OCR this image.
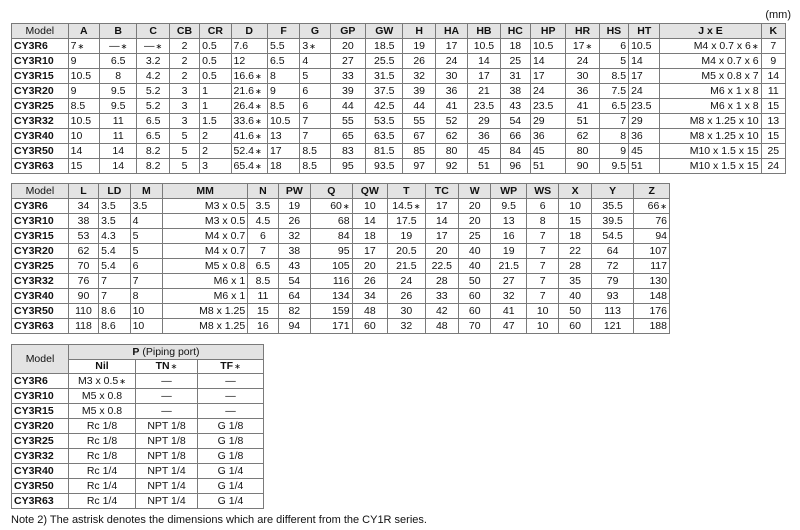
(mm)
Model	A	B	C	CB	CR	D	F	G	GP	GW	H	HA	HB	HC	HP	HR	HS	HT	J x E	K
CY3R6	7 ∗	— ∗	— ∗	2	0.5	7.6	5.5	3 ∗	20	18.5	19	17	10.5	18	10.5	17 ∗	6	10.5	M4 x 0.7 x 6 ∗	7
CY3R10	9	6.5	3.2	2	0.5	12	6.5	4	27	25.5	26	24	14	25	14	24	5	14	M4 x 0.7 x 6	9
CY3R15	10.5	8	4.2	2	0.5	16.6 ∗	8	5	33	31.5	32	30	17	31	17	30	8.5	17	M5 x 0.8 x 7	14
CY3R20	9	9.5	5.2	3	1	21.6 ∗	9	6	39	37.5	39	36	21	38	24	36	7.5	24	M6 x 1 x 8	11
CY3R25	8.5	9.5	5.2	3	1	26.4 ∗	8.5	6	44	42.5	44	41	23.5	43	23.5	41	6.5	23.5	M6 x 1 x 8	15
CY3R32	10.5	11	6.5	3	1.5	33.6 ∗	10.5	7	55	53.5	55	52	29	54	29	51	7	29	M8 x 1.25 x 10	13
CY3R40	10	11	6.5	5	2	41.6 ∗	13	7	65	63.5	67	62	36	66	36	62	8	36	M8 x 1.25 x 10	15
CY3R50	14	14	8.2	5	2	52.4 ∗	17	8.5	83	81.5	85	80	45	84	45	80	9	45	M10 x 1.5 x 15	25
CY3R63	15	14	8.2	5	3	65.4 ∗	18	8.5	95	93.5	97	92	51	96	51	90	9.5	51	M10 x 1.5 x 15	24
Model	L	LD	M	MM	N	PW	Q	QW	T	TC	W	WP	WS	X	Y	Z
CY3R6	34	3.5	3.5	M3 x 0.5	3.5	19	60 ∗	10	14.5 ∗	17	20	9.5	6	10	35.5	66 ∗
CY3R10	38	3.5	4	M3 x 0.5	4.5	26	68	14	17.5	14	20	13	8	15	39.5	76
CY3R15	53	4.3	5	M4 x 0.7	6	32	84	18	19	17	25	16	7	18	54.5	94
CY3R20	62	5.4	5	M4 x 0.7	7	38	95	17	20.5	20	40	19	7	22	64	107
CY3R25	70	5.4	6	M5 x 0.8	6.5	43	105	20	21.5	22.5	40	21.5	7	28	72	117
CY3R32	76	7	7	M6 x 1	8.5	54	116	26	24	28	50	27	7	35	79	130
CY3R40	90	7	8	M6 x 1	11	64	134	34	26	33	60	32	7	40	93	148
CY3R50	110	8.6	10	M8 x 1.25	15	82	159	48	30	42	60	41	10	50	113	176
CY3R63	118	8.6	10	M8 x 1.25	16	94	171	60	32	48	70	47	10	60	121	188
Model	P (Piping port)		
	Nil	TN ∗	TF ∗
CY3R6	M3 x 0.5 ∗	—	—
CY3R10	M5 x 0.8	—	—
CY3R15	M5 x 0.8	—	—
CY3R20	Rc 1/8	NPT 1/8	G 1/8
CY3R25	Rc 1/8	NPT 1/8	G 1/8
CY3R32	Rc 1/8	NPT 1/8	G 1/8
CY3R40	Rc 1/4	NPT 1/4	G 1/4
CY3R50	Rc 1/4	NPT 1/4	G 1/4
CY3R63	Rc 1/4	NPT 1/4	G 1/4
Note 2) The astrisk denotes the dimensions which are different from the CY1R series.
